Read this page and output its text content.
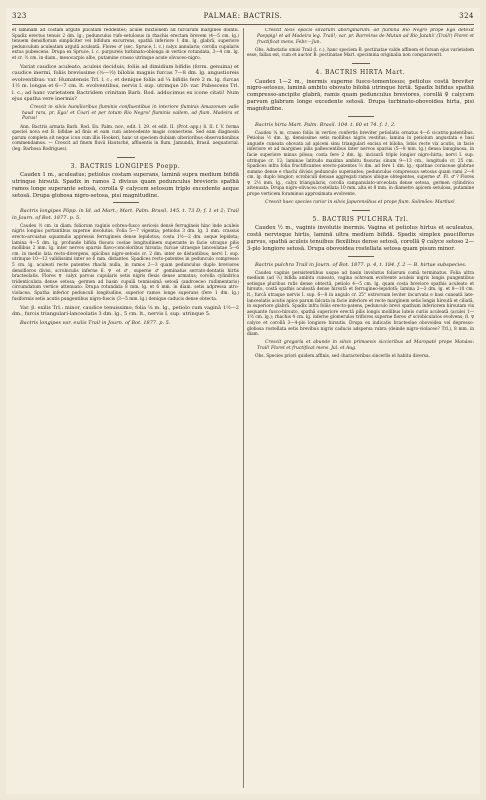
323	PALMAE: BACTRIS.	324

et laminam ad costam argute plicatam reddentes; aculei mixtionem ad furcarum margines diuntii. Spadix erectus tenuis 2 dm. lg.; pedunculus rufo-setulosus in rhachis erectam brevem (4—5 cm. lg.) tenuem densifloram simpliciter vel bifidum excurrens, spathā inferiore 1 dm. lg. glabrā, superiore pedunculum aculeatam argutā aculeatā. Flores ♂ (sec. Spruce, l. c.) calyx annularis; corolla cupularis extus pubescens. Drupa ex Spruce, l. c. purpureis turbinato-oblonga in vertice rotundata, 3—4 cm. lg. et cr. ½ cm. in diam., mesocarpio albo, putamine crasso utrinque acute olivaceo-nigro.

Variat caudice aculeato, aculeis deciduis, foliis ad dimidium bifidis (form. genuina) et caudice inermi, foliis brevissime (⅓—½) bilobis magnis furcas 7—8 dm. lg. angustioreis evolventibus: var. Humatensis Trl. l. c.; et denique foliis ad ¼ bifidis ferè 2 m. lg. furcas 1½ m. longas et 6—7 cm. lt. evolventibus, nervis I. sup. utrinque 20: var. Pubescens Trl. l. c.; ad hanc varietatem Bactridem crinitam Barb. Rod. adducimus ex icone citati! Num ejus spatha vere inermis?

Crescit in silvis humilioribus fluminis confluentibus in interiore fluminis Amazonum valle haud rara, pr. Ega! et Coari et per totum Rio Negro! fluminis vallem, ad flum. Madeira et Purus!

Ann. Bactris armata Barb. Rod. En. Palm. nov., edit. I. 29. et edit. II. (Prot.-app.) 8. II. f. V. forma speciei nova est B. bifidae ad finis et eam cum antecedente magis connectens. Sed eam diagnosin parum completa sit neque icon cum illis Hookeri, hanc ut speciem dubiam ulterioribus observationibus commendamus. — Crescit ad finem fluvii Hautsché, affluentis in flum. Jamundá, Brasil. aequatorial. (leg. Barbosa Rodrigues).

3. BACTRIS LONGIPES Poepp.

Caudex 1 m., aculeatus; petiolus costam superans, laminā supra medium bifidā utrinque hirsutā. Spadix in ramos 2 divisus quam pedunculus brevioris spathā ramos longe superante setosā, corolla ♀ calycem setosum triplo excedente aeque setosā. Drupa globosa nigro-setosa, pisi magnitudine.

Bactris longipes Pöpp. in Id. ad Mart.; Mart. Palm. Brasil. 145. t. 73 D; f. 1 et 2; Trail in Journ. of Bot. 1877. p. 5.

Caudex ½ cm. in diam. foliorum vaginis ochrea-fusco sericeis densè ferrugineis hinc inde aculeis nigris longius portantibus superne involutus. Folia 5—7 vigentia; petiolus 3 dm. lg. 3 mm. crassus erecto-arcuatus squamulis appressis ferrugineis dense lepidotus; costa 1½—2 dm. aeque lepidota; lamina 4—5 dm. lg. profunde bifida fissura costae longitudinem superante in facie utraque pilis mollibus 2 mm. lg. inter nervos sparsis flavo-concoloribus hirsuta; furcae utraeque lanceolatae 5—6 cm. in medio lata recto-divergens, apicibus nigro-setosis cr. 2 dm. inter se distantibus; nervi I. sup. utrinque 10—12 validissimi inter se 6 mm. distantes. Spadices recto-patentes in pedunculo compresso 5 cm. lg. aculeati recte patentes rhachi nulla, in ramos 2—3 quam pedunculus duplo breviores densifloros divisi, scrobiculis inferne 6. ♀ et ♂, superne ♂ geminatus serrato-dentatis hirtis bracteolatis. Flores ♀ calyx parvus cupularis setis nigris flexis dense armatus; corolla cylindrica tridenticulata dense setosa; germen ad basin cupulā tennissimā setosā (androeceo rudimentario) circumdatum vertice attenuato. Drupa rotundata 8 mm. lg. et 6 mm. in diam. setis adpressa atro-violacea. Spatha inferior pedunculi longitudine, superior ramos longe superans (fere 1 dm. lg.) fusiformis setis acutis pungentibus nigro-fuscis (3—5 mm. lg.) denique caducis dense obtecta.

Var. β. exilis Trl.: minor, caudice tenuissimo; folia ¼ m. lg., petiolo cum vaginā 1½—2 dm., furcis triangulari-lanceolatis 3 dm. lg., 5 cm. lt., nervis I. sup. utrinque 5.

Bactris longipes var. exilis Trail in Journ. of Bot. 1877. p. 5.

Crescit locis opacis silvarum aboriginarum: ad flumina Rio Negro prope Ega detexit Poeppig! et ad Madeira leg. Trail!; var. pr. Barreiras de Mutun ad Rio Jutahi! (Trail!) Floret et fructificat mens. Febr.—Jun.

Obs. Adnotatio omisi Trail (l. c.), hanc speciem B. pectinatae valde affinem et forsan ejus varietatem esse, fallax est, cum et auctor B. pectinatae Mart. specimina originalia non comparaverit.

4. BACTRIS HIRTA Mart.

Caudex 1—2 m., inermis superne fusco-tomentosus; petiolus costā breviter nigro-setosus, laminā ambitu obovato bilobā utrinque hirtā. Spadix bifidus spathā compresso-ancipite glabrā, ramis quam pedunculus breviores, corollā ♀ calycem parvum glabrum longe excedente setosā. Drupa turbinato-obovoidea hirta, pisi magnitudine.

Bactris hirta Mart. Palm. Brasil. 104. t. 60 et 74. f. 1, 2.

Caudex ¼ m. crasso foliis in vertice confertis breviter petiolatis ornatus 4—6 cicatrix-patentibus. Petiolus ½ dm. lg. densissime setis mollibus nigris vestitus; lamina in petiolum angustata e basi anguste cuneata obovata ad apicem sinu triangulari excisa et biloba, lobis recte vix acutis, in facie inferiore et ad margines pilis pallescentibus inter nervos sparsis (5—8 mm. lg.) densa lanuginosa, in facie superiore minus pilosa; costa fere 2 dm. lg. incisurā triplo longior nigro-hirta; nervi I. sup. utrinque cr. 12; laminae latitudo maxima ambitu fissuras sinum 9—13 cm., longitudo cr. 25 cm. Spadices infra folia fructificantes erecto-patentes ⅔ dm. ad fere 1 dm. lg.; spathae coriaceae glabrae summo dense e rhachi divisis pedunculo superantes; pedunculus compressus setosus quam rami 2—4 cm. lg. duplo longior; scrobiculi densae aggregati ramos ubique obtegentes, superne ♂. Fl. ♂ ? Flores ♀ 2½ mm. lg., calyx triangularis, corolla campanulato-urceolata dense setosa, germen cylindrico attenuata. Drupa nigro-olivacea rostellata 10 mm. alta et 8 mm. in diametro apicem setulosa, putamine prope verticem foraminus approximata evolvente.

Crescit haec species rarior in silvis Japurensibus et prope fium. Solimões: Martius!

5. BACTRIS PULCHRA Trl.

Caudex ½ m., vaginis involutis inermis. Vagina et petiolus hirtus et aculeatus, costā nervisque hirtis, laminā ultra medium bifidā. Spadix simplex pauciflorus parvus, spathā aculeis tenuibus flexilibus dense setosā, corollā ♀ calyce setoso 2—3-plo longiore setosā. Drupa obovoidea rostellata setosa quam pisum minor.

Bactris pulchra Trail in Journ. of Bot. 1877. p. 4, t. 184. f. 2 — B. hirtae subspecies.

Caudex vaginis persistentibus usque ad basin involutus foliorum comā terminatus. Folia ultra medium (ad ⅔) bifida ambitu cuneato, vagina ochream evolvente aculeis nigris longis pungentibus setisque pluribus rufis dense obtectā, petiolo 4—5 cm. lg. quam costa breviore spathis aculeato et hirsuto, costā spathis aculeatā dense hirsutā et ferrugineo-lepidotā; lamina 2—3 dm. lg. et 8—10 cm. lt.; furcā utraque nervis I. sup. 6—8 in angulo cr. 25° extrorsum leviter incurvata e basi cuneatā late-lanceolatis acutis apice parum falcata in facie inferiore et recte marginem setis longis hirsutā et ciliatā, in superiore glabrā. Spadix infra foliis erecto-patens, pedunculo brevi spathum inferiorem hirsutam vix aequante fusco-hirsuto, spathā superiore erectā pilis longis mollibus luteis curiis aculeatā (aculei 1—1½ cm. lg.); rhachis 4 cm. lg. inferne glomerulos triflores superne flores ♂ scrobiculatos evolvens; fl. ♀ calyce et corollā 3—4-plo longiore hirsutis. Drupa ex indicatis bracteolae obovoidea vel depresso-globosa rostellata setis brevibus nigris caducis adspersa rubra (deinde nigro-violaceo? Trl.), 8 mm. in diam.

Crescit gregaria et abunde in silvis primaevis siccioribus ad Maropaté prope Manáos: Trail! Floret et fructificat mens. Jul. et Aug.

Obs. Species priori quidem affinis, sed characteribus sincerlis et habitu diversa.
